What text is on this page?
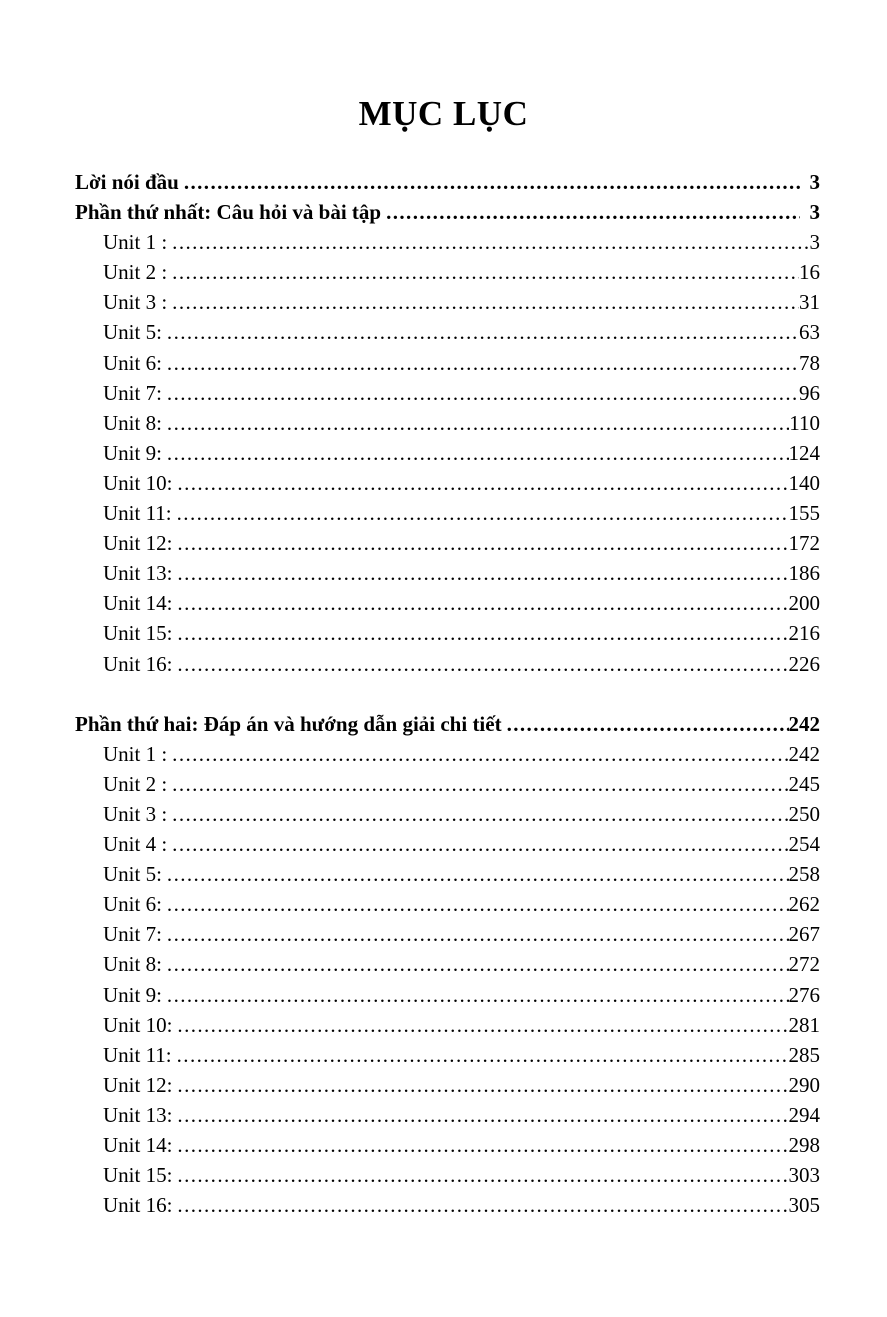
MỤC LỤC
Lời nói đầu .....	3
Phần thứ nhất: Câu hỏi và bài tập .....	3
Unit 1 : .....	3
Unit 2 : .....	16
Unit 3 : .....	31
Unit 5: .....	63
Unit 6: .....	78
Unit 7: .....	96
Unit 8: .....	110
Unit 9: .....	124
Unit 10: .....	140
Unit 11: .....	155
Unit 12: .....	172
Unit 13: .....	186
Unit 14: .....	200
Unit 15: .....	216
Unit 16: .....	226
Phần thứ hai: Đáp án và hướng dẫn giải chi tiết .....	242
Unit 1 : .....	242
Unit 2 : .....	245
Unit 3 : .....	250
Unit 4 : .....	254
Unit 5: .....	258
Unit 6: .....	262
Unit 7: .....	267
Unit 8: .....	272
Unit 9: .....	276
Unit 10: .....	281
Unit 11: .....	285
Unit 12: .....	290
Unit 13: .....	294
Unit 14: .....	298
Unit 15: .....	303
Unit 16: .....	305
